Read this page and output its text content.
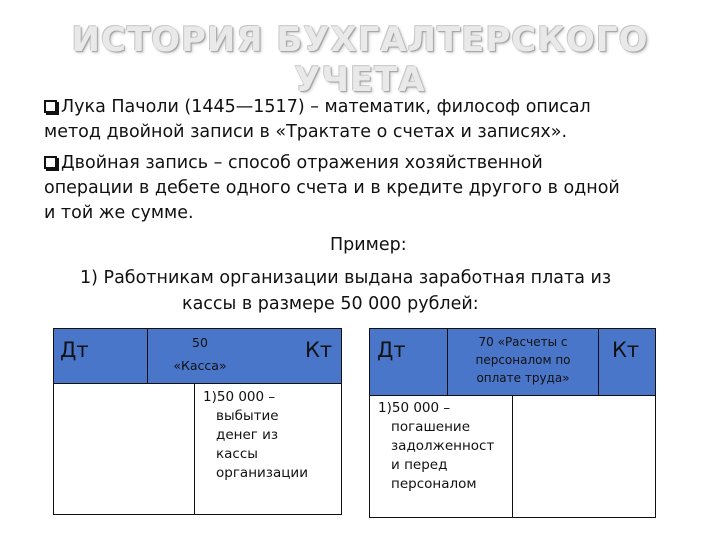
ИСТОРИЯ БУХГАЛТЕРСКОГО УЧЕТА
Лука Пачоли (1445—1517) – математик, философ описал
метод двойной записи в «Трактате о счетах и записях».
Двойная запись – способ отражения хозяйственной
операции в дебете одного счета и в кредите другого в одной
и той же сумме.
Пример:
1) Работникам организации выдана заработная плата из
кассы в размере 50 000 рублей:
Дт	50
«Касса»
Кт
1)50 000 –
выбытие
денег из
кассы
организации
Дт	70 «Расчеты с
персоналом по
оплате труда»
Кт
1)50 000 –
погашение
задолженност
и перед
персоналом
